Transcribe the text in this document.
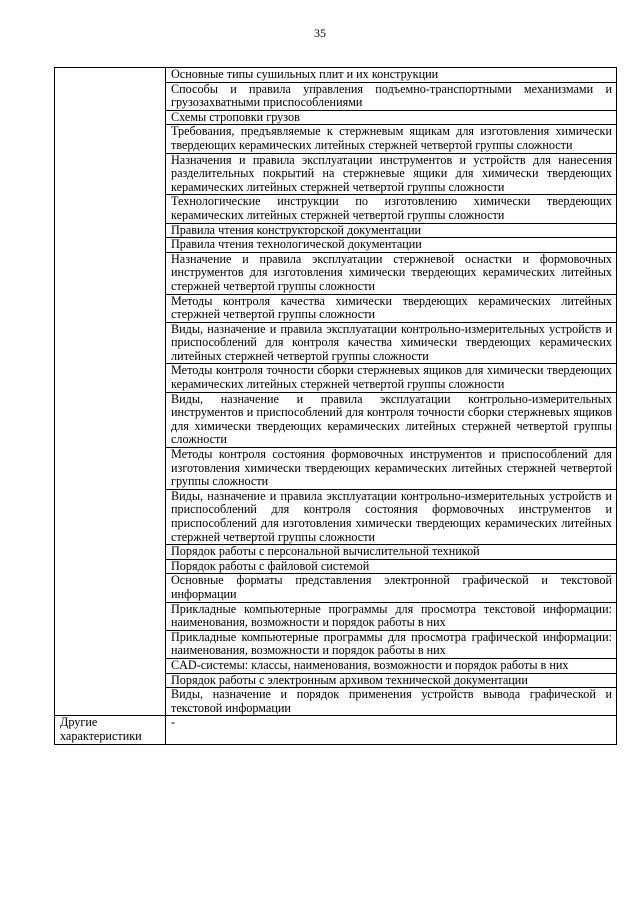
35
	Основные типы сушильных плит и их конструкции
	Способы и правила управления подъемно-транспортными механизмами и грузозахватными приспособлениями
	Схемы строповки грузов
	Требования, предъявляемые к стержневым ящикам для изготовления химически твердеющих керамических литейных стержней четвертой группы сложности
	Назначения и правила эксплуатации инструментов и устройств для нанесения разделительных покрытий на стержневые ящики для химически твердеющих керамических литейных стержней четвертой группы сложности
	Технологические инструкции по изготовлению химически твердеющих керамических литейных стержней четвертой группы сложности
	Правила чтения конструкторской документации
	Правила чтения технологической документации
	Назначение и правила эксплуатации стержневой оснастки и формовочных инструментов для изготовления химически твердеющих керамических литейных стержней четвертой группы сложности
	Методы контроля качества химически твердеющих керамических литейных стержней четвертой группы сложности
	Виды, назначение и правила эксплуатации контрольно-измерительных устройств и приспособлений для контроля качества химически твердеющих керамических литейных стержней четвертой группы сложности
	Методы контроля точности сборки стержневых ящиков для химически твердеющих керамических литейных стержней четвертой группы сложности
	Виды, назначение и правила эксплуатации контрольно-измерительных инструментов и приспособлений для контроля точности сборки стержневых ящиков для химически твердеющих керамических литейных стержней четвертой группы сложности
	Методы контроля состояния формовочных инструментов и приспособлений для изготовления химически твердеющих керамических литейных стержней четвертой группы сложности
	Виды, назначение и правила эксплуатации контрольно-измерительных устройств и приспособлений для контроля состояния формовочных инструментов и приспособлений для изготовления химически твердеющих керамических литейных стержней четвертой группы сложности
	Порядок работы с персональной вычислительной техникой
	Порядок работы с файловой системой
	Основные форматы представления электронной графической и текстовой информации
	Прикладные компьютерные программы для просмотра текстовой информации: наименования, возможности и порядок работы в них
	Прикладные компьютерные программы для просмотра графической информации: наименования, возможности и порядок работы в них
	CAD-системы: классы, наименования, возможности и порядок работы в них
	Порядок работы с электронным архивом технической документации
	Виды, назначение и порядок применения устройств вывода графической и текстовой информации
Другие характеристики	-
